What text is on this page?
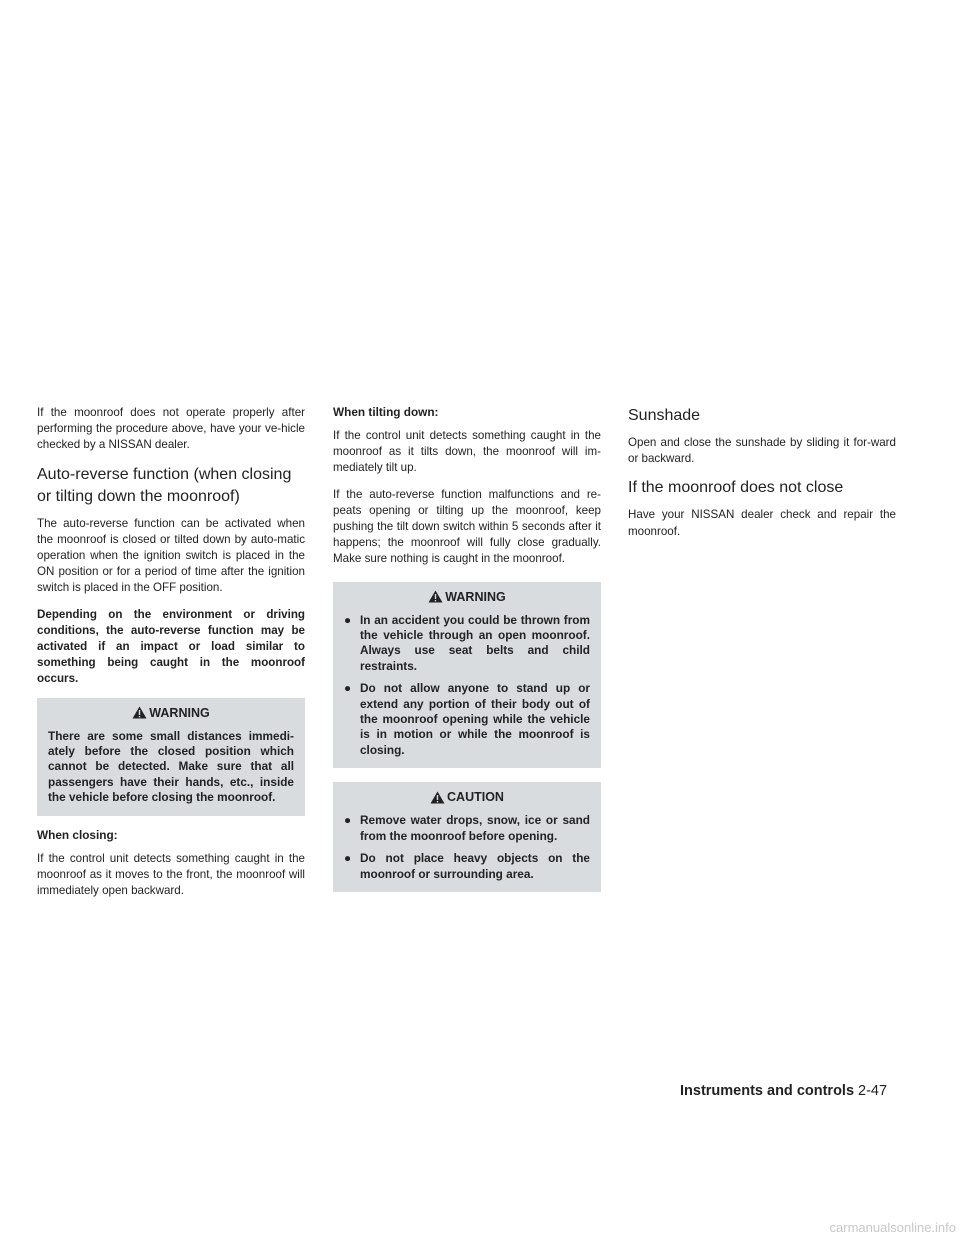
If the moonroof does not operate properly after performing the procedure above, have your ve-hicle checked by a NISSAN dealer.

Auto-reverse function (when closing or tilting down the moonroof)

The auto-reverse function can be activated when the moonroof is closed or tilted down by auto-matic operation when the ignition switch is placed in the ON position or for a period of time after the ignition switch is placed in the OFF position.

Depending on the environment or driving conditions, the auto-reverse function may be activated if an impact or load similar to something being caught in the moonroof occurs.

WARNING

There are some small distances immedi-ately before the closed position which cannot be detected. Make sure that all passengers have their hands, etc., inside the vehicle before closing the moonroof.

When closing:

If the control unit detects something caught in the moonroof as it moves to the front, the moonroof will immediately open backward.

When tilting down:

If the control unit detects something caught in the moonroof as it tilts down, the moonroof will im-mediately tilt up.

If the auto-reverse function malfunctions and re-peats opening or tilting up the moonroof, keep pushing the tilt down switch within 5 seconds after it happens; the moonroof will fully close gradually. Make sure nothing is caught in the moonroof.

WARNING
● In an accident you could be thrown from the vehicle through an open moonroof. Always use seat belts and child restraints.
● Do not allow anyone to stand up or extend any portion of their body out of the moonroof opening while the vehicle is in motion or while the moonroof is closing.
CAUTION
● Remove water drops, snow, ice or sand from the moonroof before opening.
● Do not place heavy objects on the moonroof or surrounding area.
Sunshade

Open and close the sunshade by sliding it for-ward or backward.

If the moonroof does not close

Have your NISSAN dealer check and repair the moonroof.

Instruments and controls 2-47
carmanualsonline.info
